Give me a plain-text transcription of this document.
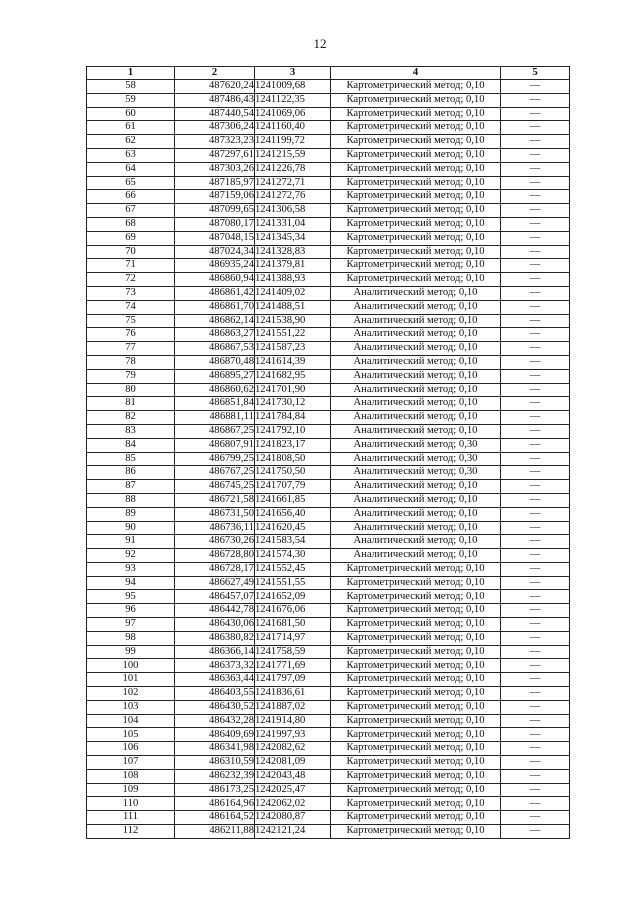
12
1	2	3	4	5
58	487620,24	1241009,68	Картометрический метод; 0,10	—
59	487486,43	1241122,35	Картометрический метод; 0,10	—
60	487440,54	1241069,06	Картометрический метод; 0,10	—
61	487306,24	1241160,40	Картометрический метод; 0,10	—
62	487323,23	1241199,72	Картометрический метод; 0,10	—
63	487297,61	1241215,59	Картометрический метод; 0,10	—
64	487303,26	1241226,78	Картометрический метод; 0,10	—
65	487185,97	1241272,71	Картометрический метод; 0,10	—
66	487159,06	1241272,76	Картометрический метод; 0,10	—
67	487099,65	1241306,58	Картометрический метод; 0,10	—
68	487080,17	1241331,04	Картометрический метод; 0,10	—
69	487048,15	1241345,34	Картометрический метод; 0,10	—
70	487024,34	1241328,83	Картометрический метод; 0,10	—
71	486935,24	1241379,81	Картометрический метод; 0,10	—
72	486860,94	1241388,93	Картометрический метод; 0,10	—
73	486861,42	1241409,02	Аналитический метод; 0,10	—
74	486861,70	1241488,51	Аналитический метод; 0,10	—
75	486862,14	1241538,90	Аналитический метод; 0,10	—
76	486863,27	1241551,22	Аналитический метод; 0,10	—
77	486867,53	1241587,23	Аналитический метод; 0,10	—
78	486870,48	1241614,39	Аналитический метод; 0,10	—
79	486895,27	1241682,95	Аналитический метод; 0,10	—
80	486860,62	1241701,90	Аналитический метод; 0,10	—
81	486851,84	1241730,12	Аналитический метод; 0,10	—
82	486881,11	1241784,84	Аналитический метод; 0,10	—
83	486867,25	1241792,10	Аналитический метод; 0,10	—
84	486807,91	1241823,17	Аналитический метод; 0,30	—
85	486799,25	1241808,50	Аналитический метод; 0,30	—
86	486767,25	1241750,50	Аналитический метод; 0,30	—
87	486745,25	1241707,79	Аналитический метод; 0,10	—
88	486721,58	1241661,85	Аналитический метод; 0,10	—
89	486731,50	1241656,40	Аналитический метод; 0,10	—
90	486736,11	1241620,45	Аналитический метод; 0,10	—
91	486730,26	1241583,54	Аналитический метод; 0,10	—
92	486728,80	1241574,30	Аналитический метод; 0,10	—
93	486728,17	1241552,45	Картометрический метод; 0,10	—
94	486627,49	1241551,55	Картометрический метод; 0,10	—
95	486457,07	1241652,09	Картометрический метод; 0,10	—
96	486442,78	1241676,06	Картометрический метод; 0,10	—
97	486430,06	1241681,50	Картометрический метод; 0,10	—
98	486380,82	1241714,97	Картометрический метод; 0,10	—
99	486366,14	1241758,59	Картометрический метод; 0,10	—
100	486373,32	1241771,69	Картометрический метод; 0,10	—
101	486363,44	1241797,09	Картометрический метод; 0,10	—
102	486403,55	1241836,61	Картометрический метод; 0,10	—
103	486430,52	1241887,02	Картометрический метод; 0,10	—
104	486432,28	1241914,80	Картометрический метод; 0,10	—
105	486409,69	1241997,93	Картометрический метод; 0,10	—
106	486341,98	1242082,62	Картометрический метод; 0,10	—
107	486310,59	1242081,09	Картометрический метод; 0,10	—
108	486232,39	1242043,48	Картометрический метод; 0,10	—
109	486173,25	1242025,47	Картометрический метод; 0,10	—
110	486164,96	1242062,02	Картометрический метод; 0,10	—
111	486164,52	1242080,87	Картометрический метод; 0,10	—
112	486211,88	1242121,24	Картометрический метод; 0,10	—
